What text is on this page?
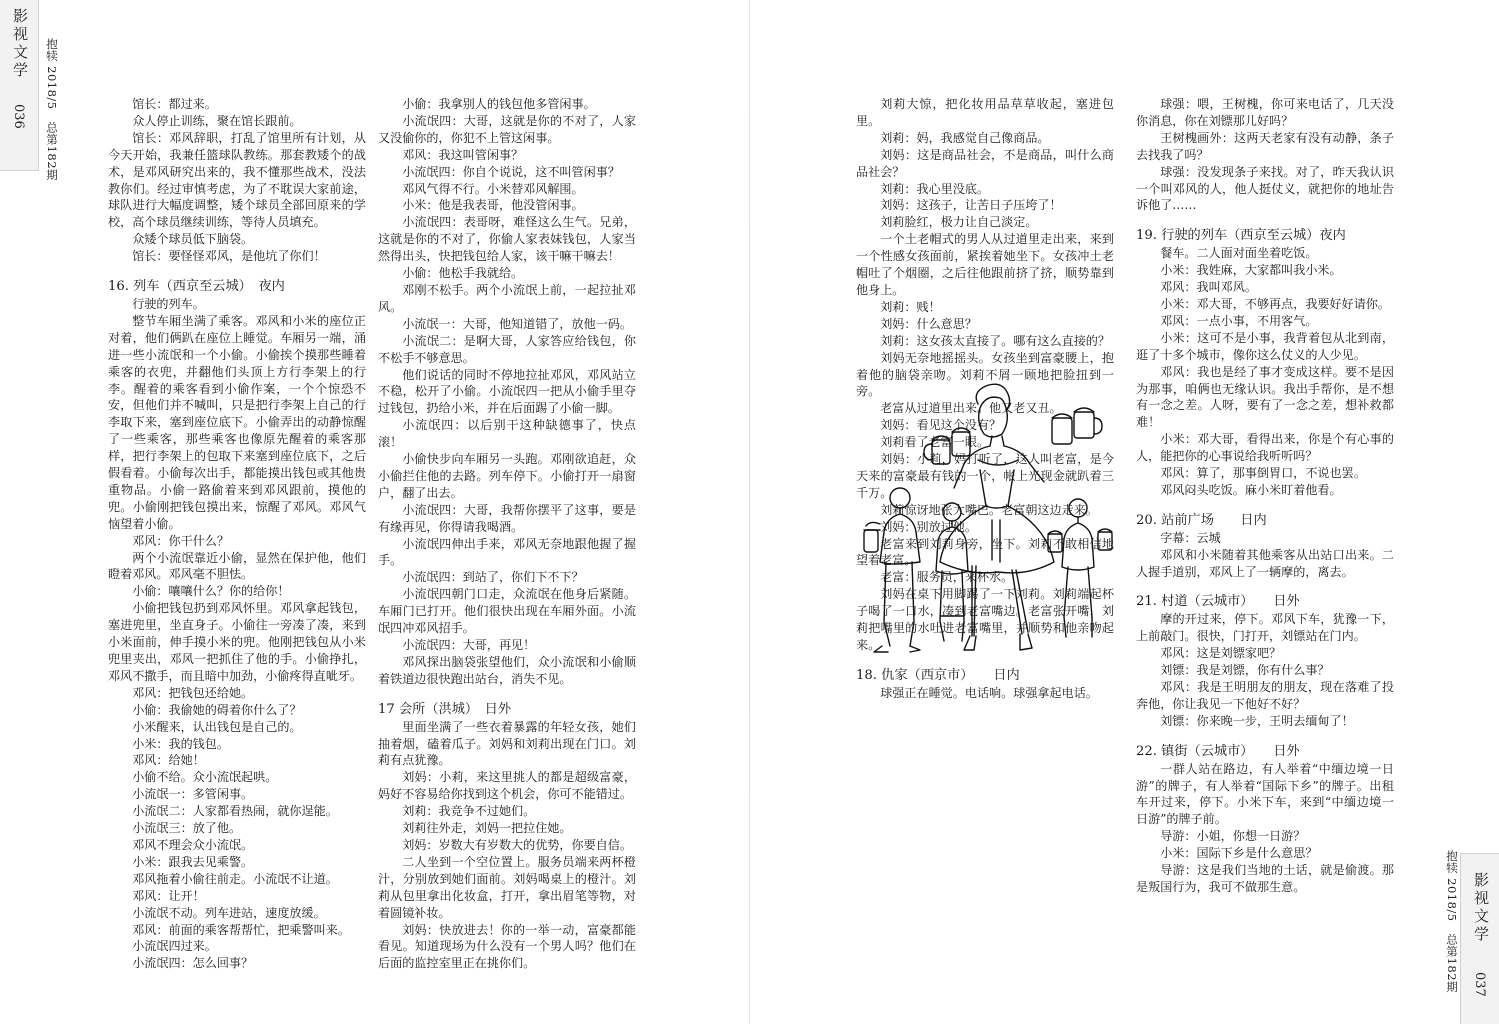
影视文学
036 抱犊 2018/5　总第182期	馆长：都过来。

众人停止训练，聚在馆长跟前。

馆长：邓风辞职，打乱了馆里所有计划，从今天开始，我兼任篮球队教练。那套教矮个的战术，是邓风研究出来的，我不懂那些战术，没法教你们。经过审慎考虑，为了不耽误大家前途，球队进行大幅度调整，矮个球员全部回原来的学校，高个球员继续训练，等待人员填充。

众矮个球员低下脑袋。

馆长：要怪怪邓风，是他坑了你们！

16. 列车（西京至云城）　夜内

行驶的列车。

整节车厢坐满了乘客。邓风和小米的座位正对着，他们俩趴在座位上睡觉。车厢另一端，涌进一些小流氓和一个小偷。小偷挨个摸那些睡着乘客的衣兜，并翻他们头顶上方行李架上的行李。醒着的乘客看到小偷作案，一个个惊恐不安，但他们并不喊叫，只是把行李架上自己的行李取下来，塞到座位底下。小偷弄出的动静惊醒了一些乘客，那些乘客也像原先醒着的乘客那样，把行李架上的包取下来塞到座位底下，之后假看着。小偷每次出手，都能摸出钱包或其他贵重物品。小偷一路偷着来到邓风跟前，摸他的兜。小偷刚把钱包摸出来，惊醒了邓风。邓风气恼望着小偷。

邓风：你干什么？

两个小流氓靠近小偷，显然在保护他，他们瞪着邓风。邓风毫不胆怯。

小偷：嚷嚷什么？你的给你！

小偷把钱包扔到邓风怀里。邓风拿起钱包，塞进兜里，坐直身子。小偷往一旁凑了凑，来到小米面前，伸手摸小米的兜。他刚把钱包从小米兜里夹出，邓风一把抓住了他的手。小偷挣扎，邓风不撒手，而且暗中加劲，小偷疼得直呲牙。

邓风：把钱包还给她。

小偷：我偷她的碍着你什么了？

小米醒来，认出钱包是自己的。

小米：我的钱包。

邓风：给她！

小偷不给。众小流氓起哄。

小流氓一：多管闲事。

小流氓二：人家都看热闹，就你逞能。

小流氓三：放了他。

邓风不理会众小流氓。

小米：跟我去见乘警。

邓风拖着小偷往前走。小流氓不让道。

邓风：让开！

小流氓不动。列车进站，速度放缓。

邓风：前面的乘客帮帮忙，把乘警叫来。

小流氓四过来。

小流氓四：怎么回事？

小偷：我拿别人的钱包他多管闲事。

小流氓四：大哥，这就是你的不对了，人家又没偷你的，你犯不上管这闲事。

邓风：我这叫管闲事？

小流氓四：你自个说说，这不叫管闲事？

邓风气得不行。小米替邓风解围。

小米：他是我表哥，他没管闲事。

小流氓四：表哥呀，难怪这么生气。兄弟，这就是你的不对了，你偷人家表妹钱包，人家当然得出头，快把钱包给人家，该干嘛干嘛去！

小偷：他松手我就给。

邓刚不松手。两个小流氓上前，一起拉扯邓风。

小流氓一：大哥，他知道错了，放他一码。

小流氓二：是啊大哥，人家答应给钱包，你不松手不够意思。

他们说话的同时不停地拉扯邓风，邓风站立不稳，松开了小偷。小流氓四一把从小偷手里夺过钱包，扔给小米，并在后面踢了小偷一脚。

小流氓四：以后别干这种缺德事了，快点滚！

小偷快步向车厢另一头跑。邓刚欲追赶，众小偷拦住他的去路。列车停下。小偷打开一扇窗户，翻了出去。

小流氓四：大哥，我帮你摆平了这事，要是有缘再见，你得请我喝酒。

小流氓四伸出手来，邓风无奈地跟他握了握手。

小流氓四：到站了，你们下不下？

小流氓四朝门口走，众流氓在他身后紧随。车厢门已打开。他们很快出现在车厢外面。小流氓四冲邓风招手。

小流氓四：大哥，再见！

邓风探出脑袋张望他们，众小流氓和小偷顺着铁道边很快跑出站台，消失不见。

17 会所（洪城）　日外

里面坐满了一些衣着暴露的年轻女孩，她们抽着烟，磕着瓜子。刘妈和刘莉出现在门口。刘莉有点犹豫。

刘妈：小莉，来这里挑人的都是超级富豪，妈好不容易给你找到这个机会，你可不能错过。

刘莉：我竞争不过她们。

刘莉往外走，刘妈一把拉住她。

刘妈：岁数大有岁数大的优势，你要自信。

二人坐到一个空位置上。服务员端来两杯橙汁，分别放到她们面前。刘妈喝桌上的橙汁。刘莉从包里拿出化妆盒，打开，拿出眉笔等物，对着圆镜补妆。

刘妈：快放进去！你的一举一动，富豪都能看见。知道现场为什么没有一个男人吗？他们在后面的监控室里正在挑你们。

刘莉大惊，把化妆用品草草收起，塞进包里。

刘莉：妈，我感觉自己像商品。

刘妈：这是商品社会，不是商品，叫什么商品社会？

刘莉：我心里没底。

刘妈：这孩子，让苦日子压垮了！

刘莉脸红，极力让自己淡定。

一个土老帽式的男人从过道里走出来，来到一个性感女孩面前，紧挨着她坐下。女孩冲土老帽吐了个烟圈，之后往他跟前挤了挤，顺势靠到他身上。

刘莉：贱！

刘妈：什么意思？

刘莉：这女孩太直接了。哪有这么直接的？

刘妈无奈地摇摇头。女孩坐到富豪腰上，抱着他的脑袋亲吻。刘莉不屑一顾地把脸扭到一旁。

老富从过道里出来。他又老又丑。

刘妈：看见这个没有？

刘莉看了老富一眼。

刘妈：小莉，妈打听了，这人叫老富，是今天来的富豪最有钱的一个，帐上光现金就趴着三千万。

刘莉惊讶地张大嘴巴。老富朝这边走来。

刘妈：别放过他。

老富来到刘莉身旁，坐下。刘莉不敢相信地望着老富。

老富：服务员，来杯水。

刘妈在桌下用脚踢了一下刘莉。刘莉端起杯子喝了一口水，凑到老富嘴边。老富张开嘴，刘莉把嘴里的水吐进老富嘴里，并顺势和他亲吻起来。

18. 仇家（西京市）　　日内

球强正在睡觉。电话响。球强拿起电话。

球强：喂，王树槐，你可来电话了，几天没你消息，你在刘镖那儿好吗？

王树槐画外：这两天老家有没有动静，条子去找我了吗？

球强：没发现条子来找。对了，昨天我认识一个叫邓风的人，他人挺仗义，就把你的地址告诉他了……

19. 行驶的列车（西京至云城）夜内

餐车。二人面对面坐着吃饭。

小米：我姓麻，大家都叫我小米。

邓风：我叫邓风。

小米：邓大哥，不够再点，我要好好请你。

邓风：一点小事，不用客气。

小米：这可不是小事，我背着包从北到南，逛了十多个城市，像你这么仗义的人少见。

邓风：我也是经了事才变成这样。要不是因为那事，咱俩也无缘认识。我出手帮你，是不想有一念之差。人呀，要有了一念之差，想补救都难！

小米：邓大哥，看得出来，你是个有心事的人，能把你的心事说给我听听吗？

邓风：算了，那事倒胃口，不说也罢。

邓风闷头吃饭。麻小米盯着他看。

20. 站前广场　　日内

字幕：云城

邓风和小米随着其他乘客从出站口出来。二人握手道别，邓风上了一辆摩的，离去。

21. 村道（云城市）　　日外

摩的开过来，停下。邓风下车，犹豫一下，上前敲门。很快，门打开，刘镖站在门内。

邓风：这是刘镖家吧？

刘镖：我是刘镖，你有什么事？

邓风：我是王明朋友的朋友，现在落难了投奔他，你让我见一下他好不好？

刘镖：你来晚一步，王明去缅甸了！

22. 镇街（云城市）　　日外

一群人站在路边，有人举着“中缅边境一日游”的牌子，有人举着“国际下乡”的牌子。出租车开过来，停下。小米下车，来到“中缅边境一日游”的牌子前。

导游：小姐，你想一日游？

小米：国际下乡是什么意思？

导游：这是我们当地的土话，就是偷渡。那是叛国行为，我可不做那生意。	影视文学
037
抱犊 2018/5　总第182期
